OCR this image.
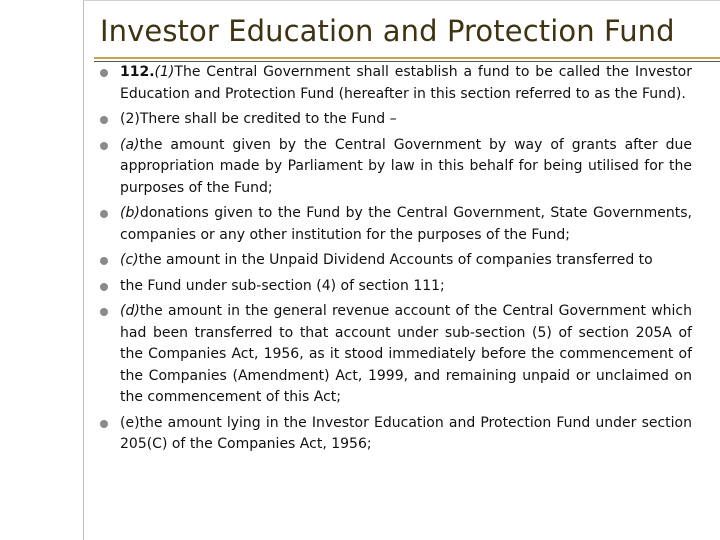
Investor Education and Protection Fund
112.(1)The Central Government shall establish a fund to be called the Investor Education and Protection Fund (hereafter in this section referred to as the Fund).
(2)There shall be credited to the Fund –
(a)the amount given by the Central Government by way of grants after due appropriation made by Parliament by law in this behalf for being utilised for the purposes of the Fund;
(b)donations given to the Fund by the Central Government, State Governments, companies or any other institution for the purposes of the Fund;
(c)the amount in the Unpaid Dividend Accounts of companies transferred to
the Fund under sub-section (4) of section 111;
(d)the amount in the general revenue account of the Central Government which had been transferred to that account under sub-section (5) of section 205A of the Companies Act, 1956, as it stood immediately before the commencement of the Companies (Amendment) Act, 1999, and remaining unpaid or unclaimed on the commencement of this Act;
(e)the amount lying in the Investor Education and Protection Fund under section 205(C) of the Companies Act, 1956;
